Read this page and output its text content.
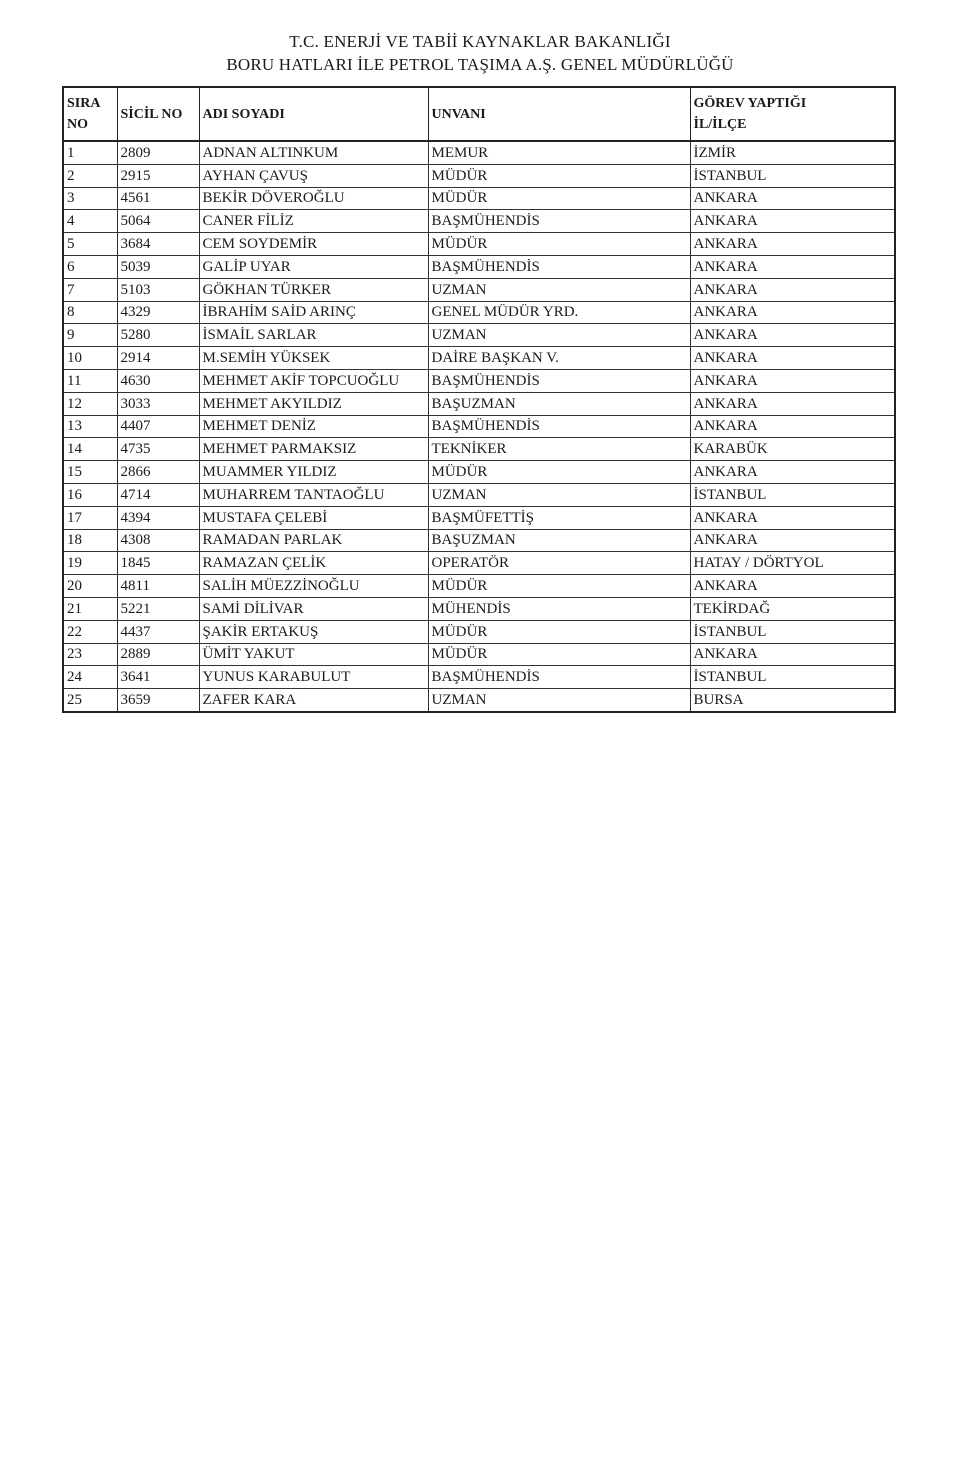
T.C. ENERJİ VE TABİİ KAYNAKLAR BAKANLIĞI
BORU HATLARI İLE PETROL TAŞIMA A.Ş. GENEL MÜDÜRLÜĞÜ
SIRA
NO	SİCİL NO	ADI SOYADI	UNVANI	GÖREV YAPTIĞI
İL/İLÇE
1	2809	ADNAN ALTINKUM	MEMUR	İZMİR
2	2915	AYHAN ÇAVUŞ	MÜDÜR	İSTANBUL
3	4561	BEKİR DÖVEROĞLU	MÜDÜR	ANKARA
4	5064	CANER FİLİZ	BAŞMÜHENDİS	ANKARA
5	3684	CEM SOYDEMİR	MÜDÜR	ANKARA
6	5039	GALİP UYAR	BAŞMÜHENDİS	ANKARA
7	5103	GÖKHAN TÜRKER	UZMAN	ANKARA
8	4329	İBRAHİM SAİD ARINÇ	GENEL MÜDÜR YRD.	ANKARA
9	5280	İSMAİL SARLAR	UZMAN	ANKARA
10	2914	M.SEMİH YÜKSEK	DAİRE BAŞKAN V.	ANKARA
11	4630	MEHMET AKİF TOPCUOĞLU	BAŞMÜHENDİS	ANKARA
12	3033	MEHMET AKYILDIZ	BAŞUZMAN	ANKARA
13	4407	MEHMET DENİZ	BAŞMÜHENDİS	ANKARA
14	4735	MEHMET PARMAKSIZ	TEKNİKER	KARABÜK
15	2866	MUAMMER YILDIZ	MÜDÜR	ANKARA
16	4714	MUHARREM TANTAOĞLU	UZMAN	İSTANBUL
17	4394	MUSTAFA ÇELEBİ	BAŞMÜFETTİŞ	ANKARA
18	4308	RAMADAN PARLAK	BAŞUZMAN	ANKARA
19	1845	RAMAZAN ÇELİK	OPERATÖR	HATAY / DÖRTYOL
20	4811	SALİH MÜEZZİNOĞLU	MÜDÜR	ANKARA
21	5221	SAMİ DİLİVAR	MÜHENDİS	TEKİRDAĞ
22	4437	ŞAKİR ERTAKUŞ	MÜDÜR	İSTANBUL
23	2889	ÜMİT YAKUT	MÜDÜR	ANKARA
24	3641	YUNUS KARABULUT	BAŞMÜHENDİS	İSTANBUL
25	3659	ZAFER KARA	UZMAN	BURSA
